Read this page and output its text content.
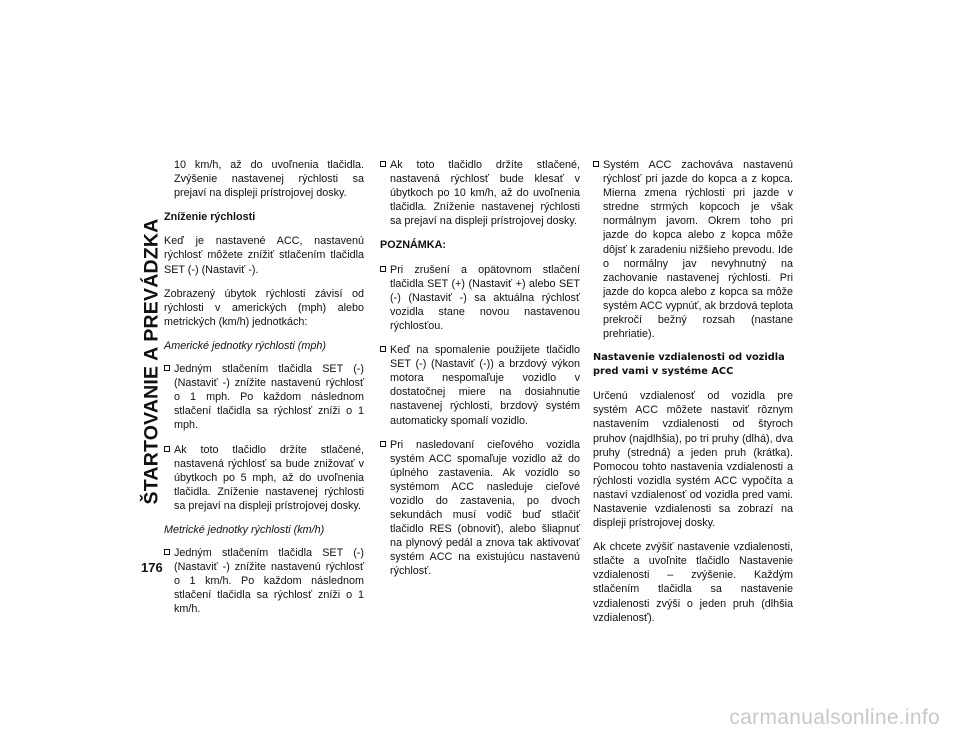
ŠTARTOVANIE A PREVÁDZKA
176

10 km/h, až do uvoľnenia tlačidla. Zvýšenie nastavenej rýchlosti sa prejaví na displeji prístrojovej dosky.

Zníženie rýchlosti

Keď je nastavené ACC, nastavenú rýchlosť môžete znížiť stlačením tlačidla SET (-) (Nastaviť -).

Zobrazený úbytok rýchlosti závisí od rýchlosti v amerických (mph) alebo metrických (km/h) jednotkách:

Americké jednotky rýchlosti (mph)
Jedným stlačením tlačidla SET (-) (Nastaviť -) znížite nastavenú rýchlosť o 1 mph. Po každom následnom stlačení tlačidla sa rýchlosť zníži o 1 mph.
Ak toto tlačidlo držíte stlačené, nastavená rýchlosť sa bude znižovať v úbytkoch po 5 mph, až do uvoľnenia tlačidla. Zníženie nastavenej rýchlosti sa prejaví na displeji prístrojovej dosky.
Metrické jednotky rýchlosti (km/h)
Jedným stlačením tlačidla SET (-) (Nastaviť -) znížite nastavenú rýchlosť o 1 km/h. Po každom následnom stlačení tlačidla sa rýchlosť zníži o 1 km/h.
Ak toto tlačidlo držíte stlačené, nastavená rýchlosť bude klesať v úbytkoch po 10 km/h, až do uvoľnenia tlačidla. Zníženie nastavenej rýchlosti sa prejaví na displeji prístrojovej dosky.
POZNÁMKA:
Pri zrušení a opätovnom stlačení tlačidla SET (+) (Nastaviť +) alebo SET (-) (Nastaviť -) sa aktuálna rýchlosť vozidla stane novou nastavenou rýchlosťou.
Keď na spomalenie použijete tlačidlo SET (-) (Nastaviť (-)) a brzdový výkon motora nespomaľuje vozidlo v dostatočnej miere na dosiahnutie nastavenej rýchlosti, brzdový systém automaticky spomalí vozidlo.
Pri nasledovaní cieľového vozidla systém ACC spomaľuje vozidlo až do úplného zastavenia. Ak vozidlo so systémom ACC nasleduje cieľové vozidlo do zastavenia, po dvoch sekundách musí vodič buď stlačiť tlačidlo RES (obnoviť), alebo šliapnuť na plynový pedál a znova tak aktivovať systém ACC na existujúcu nastavenú rýchlosť.
Systém ACC zachováva nastavenú rýchlosť pri jazde do kopca a z kopca. Mierna zmena rýchlosti pri jazde v stredne strmých kopcoch je však normálnym javom. Okrem toho pri jazde do kopca alebo z kopca môže dôjsť k zaradeniu nižšieho prevodu. Ide o normálny jav nevyhnutný na zachovanie nastavenej rýchlosti. Pri jazde do kopca alebo z kopca sa môže systém ACC vypnúť, ak brzdová teplota prekročí bežný rozsah (nastane prehriatie).
Nastavenie vzdialenosti od vozidla pred vami v systéme ACC

Určenú vzdialenosť od vozidla pre systém ACC môžete nastaviť rôznym nastavením vzdialenosti od štyroch pruhov (najdlhšia), po tri pruhy (dlhá), dva pruhy (stredná) a jeden pruh (krátka). Pomocou tohto nastavenia vzdialenosti a rýchlosti vozidla systém ACC vypočíta a nastaví vzdialenosť od vozidla pred vami. Nastavenie vzdialenosti sa zobrazí na displeji prístrojovej dosky.

Ak chcete zvýšiť nastavenie vzdialenosti, stlačte a uvoľnite tlačidlo Nastavenie vzdialenosti – zvýšenie. Každým stlačením tlačidla sa nastavenie vzdialenosti zvýši o jeden pruh (dlhšia vzdialenosť).

carmanualsonline.info
